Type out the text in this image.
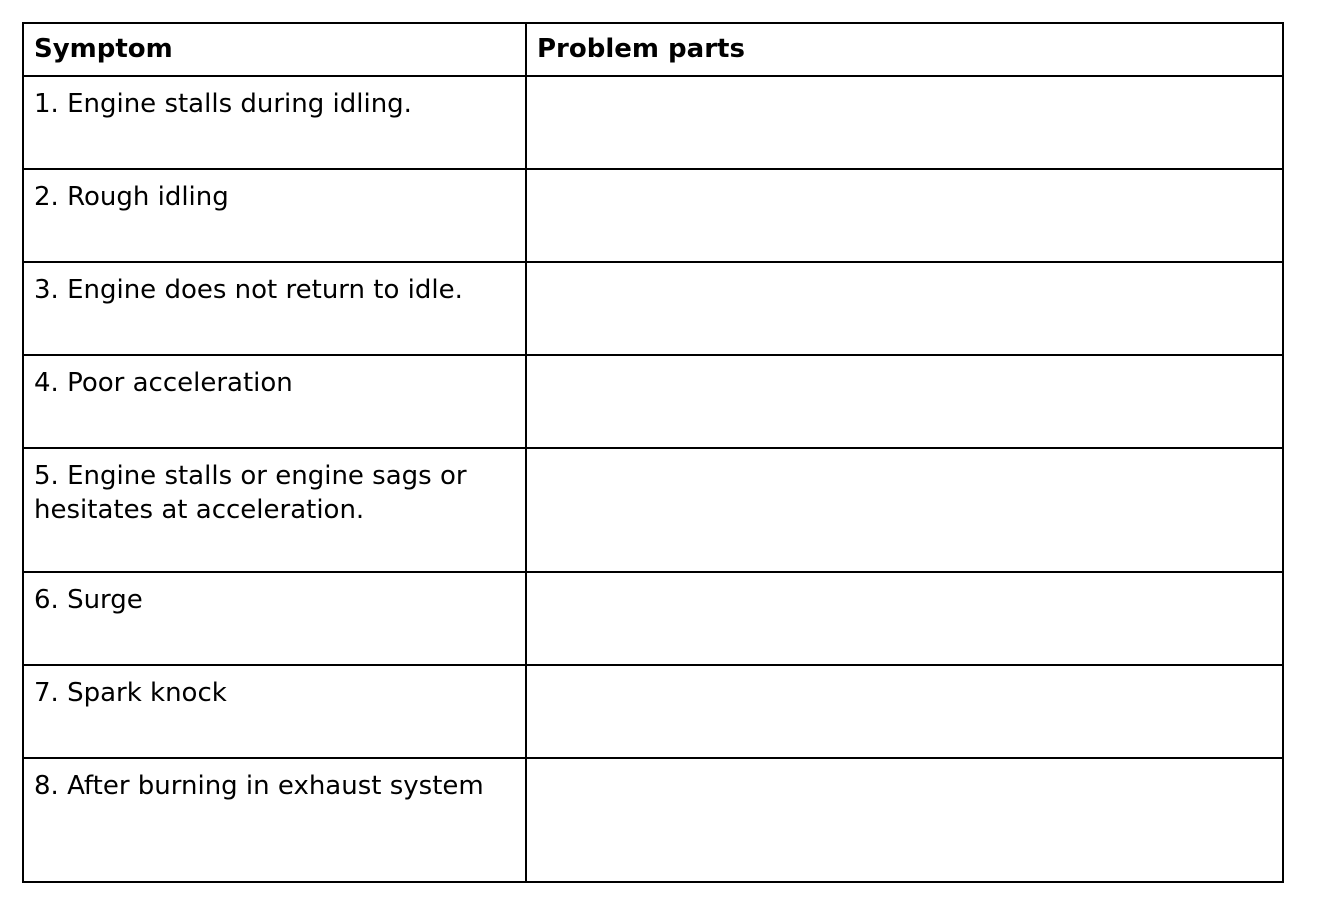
Symptom	Problem parts
1. Engine stalls during idling.	
2. Rough idling	
3. Engine does not return to idle.	
4. Poor acceleration	
5. Engine stalls or engine sags or hesitates at acceleration.	
6. Surge	
7. Spark knock	
8. After burning in exhaust system	
